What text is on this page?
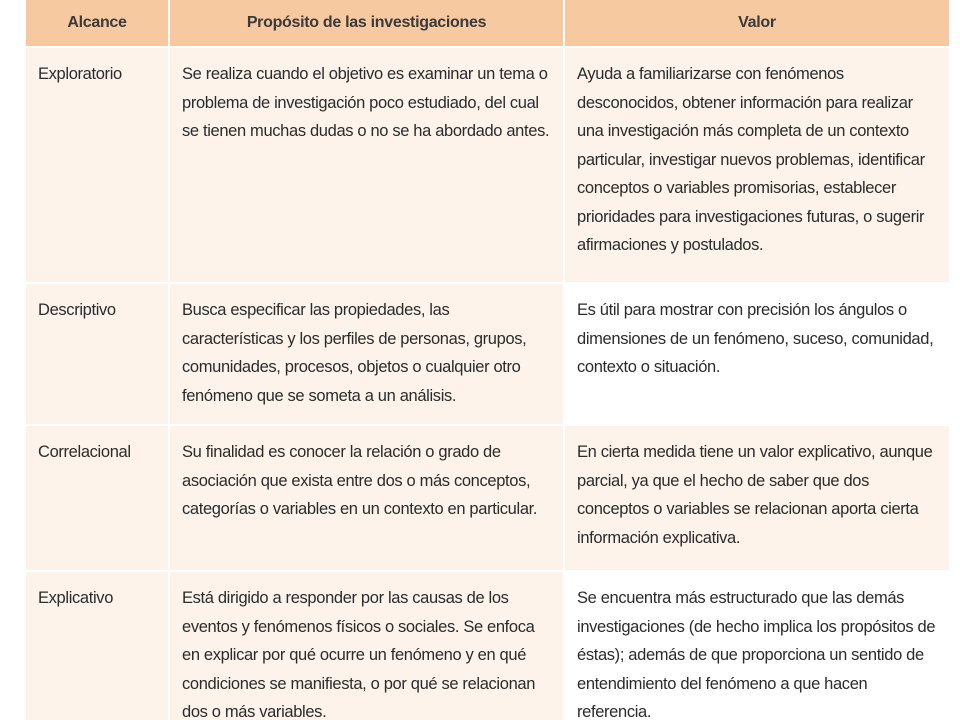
Alcance	Propósito de las investigaciones	Valor

Exploratorio	Se realiza cuando el objetivo es examinar un tema o problema de investigación poco estudiado, del cual se tienen muchas dudas o no se ha abordado antes.	Ayuda a familiarizarse con fenómenos desconocidos, obtener información para realizar una investigación más completa de un contexto particular, investigar nuevos problemas, identificar conceptos o variables promisorias, establecer prioridades para investigaciones futuras, o sugerir afirmaciones y postulados.

Descriptivo	Busca especificar las propiedades, las características y los perfiles de personas, grupos, comunidades, procesos, objetos o cualquier otro fenómeno que se someta a un análisis.	Es útil para mostrar con precisión los ángulos o dimensiones de un fenómeno, suceso, comunidad, contexto o situación.

Correlacional	Su finalidad es conocer la relación o grado de asociación que exista entre dos o más conceptos, categorías o variables en un contexto en particular.	En cierta medida tiene un valor explicativo, aunque parcial, ya que el hecho de saber que dos conceptos o variables se relacionan aporta cierta información explicativa.

Explicativo	Está dirigido a responder por las causas de los eventos y fenómenos físicos o sociales. Se enfoca en explicar por qué ocurre un fenómeno y en qué condiciones se manifiesta, o por qué se relacionan dos o más variables.	Se encuentra más estructurado que las demás investigaciones (de hecho implica los propósitos de éstas); además de que proporciona un sentido de entendimiento del fenómeno a que hacen referencia.
